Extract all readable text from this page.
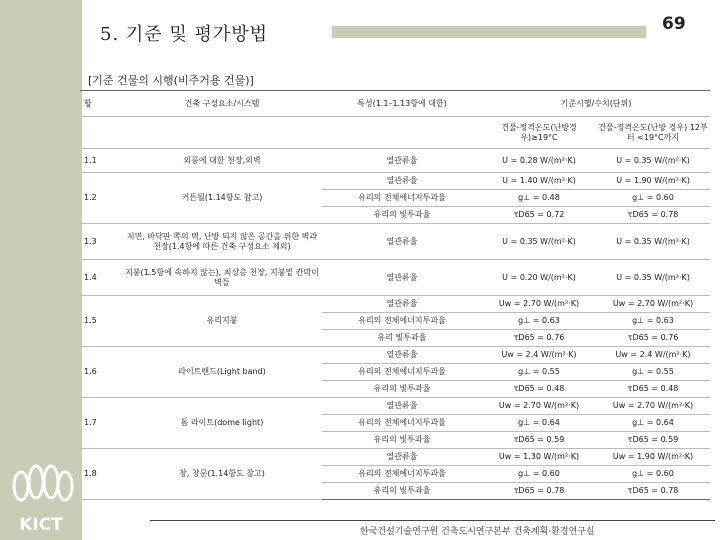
KICT
5. 기준 및 평가방법	69
[기준 건물의 시행(비주거용 건물)]
항	건축 구성요소/시스템	특성(1.1–1.13항에 대한)	기준시행/수치(단위)	
			건물-정격온도(난방경우)≥19°C	건물-정격온도(난방 경우) 12부터 <19°C까지
1.1	외풍에 대한 천장,외벽	열관류율	U = 0.28 W/(m²·K)	U = 0.35 W/(m²·K)
1.2	커튼월(1.14항도 참고)	열관류율	U = 1.40 W/(m²·K)	U = 1.90 W/(m²·K)
		유리의 전체에너지투과율	g⊥ = 0.48	g⊥ = 0.60
		유리의 빛투과율	τD65 = 0.72	τD65 = 0.78
1.3	지면, 바닥판 쪽의 벽, 난방 되지 않은 공간을 위한 벽과 천장(1.4항에 따른 건축 구성요소 제외)	열관류율	U = 0.35 W/(m²·K)	U = 0.35 W/(m²·K)
1.4	지붕(1.5항에 속하지 않는), 최상층 천장, 지붕밑 칸막이 벽들	열관류율	U = 0.20 W/(m²·K)	U = 0.35 W/(m²·K)
1.5	유리지붕	열관류율	Uw = 2.70 W/(m²·K)	Uw = 2.70 W/(m²·K)
		유리의 전체에너지투과율	g⊥ = 0.63	g⊥ = 0.63
		유리 빛투과율	τD65 = 0.76	τD65 = 0.76
1.6	라이트밴드(Light band)	열관류율	Uw = 2.4 W/(m²·K)	Uw = 2.4 W/(m²·K)
		유리의 전체에너지투과율	g⊥ = 0.55	g⊥ = 0.55
		유리의 빛투과율	τD65 = 0.48	τD65 = 0.48
1.7	돔 라이트(dome light)	열관류율	Uw = 2.70 W/(m²·K)	Uw = 2.70 W/(m²·K)
		유리의 전체에너지투과율	g⊥ = 0.64	g⊥ = 0.64
		유리의 빛투과율	τD65 = 0.59	τD65 = 0.59
1.8	창, 창문(1.14항도 참고)	열관류율	Uw = 1.30 W/(m²·K)	Uw = 1.90 W/(m²·K)
		유리의 전체에너지투과율	g⊥ = 0.60	g⊥ = 0.60
		유리의 빛투과율	τD65 = 0.78	τD65 = 0.78
한국건설기술연구원 건축도시연구본부 건축계획·환경연구실
